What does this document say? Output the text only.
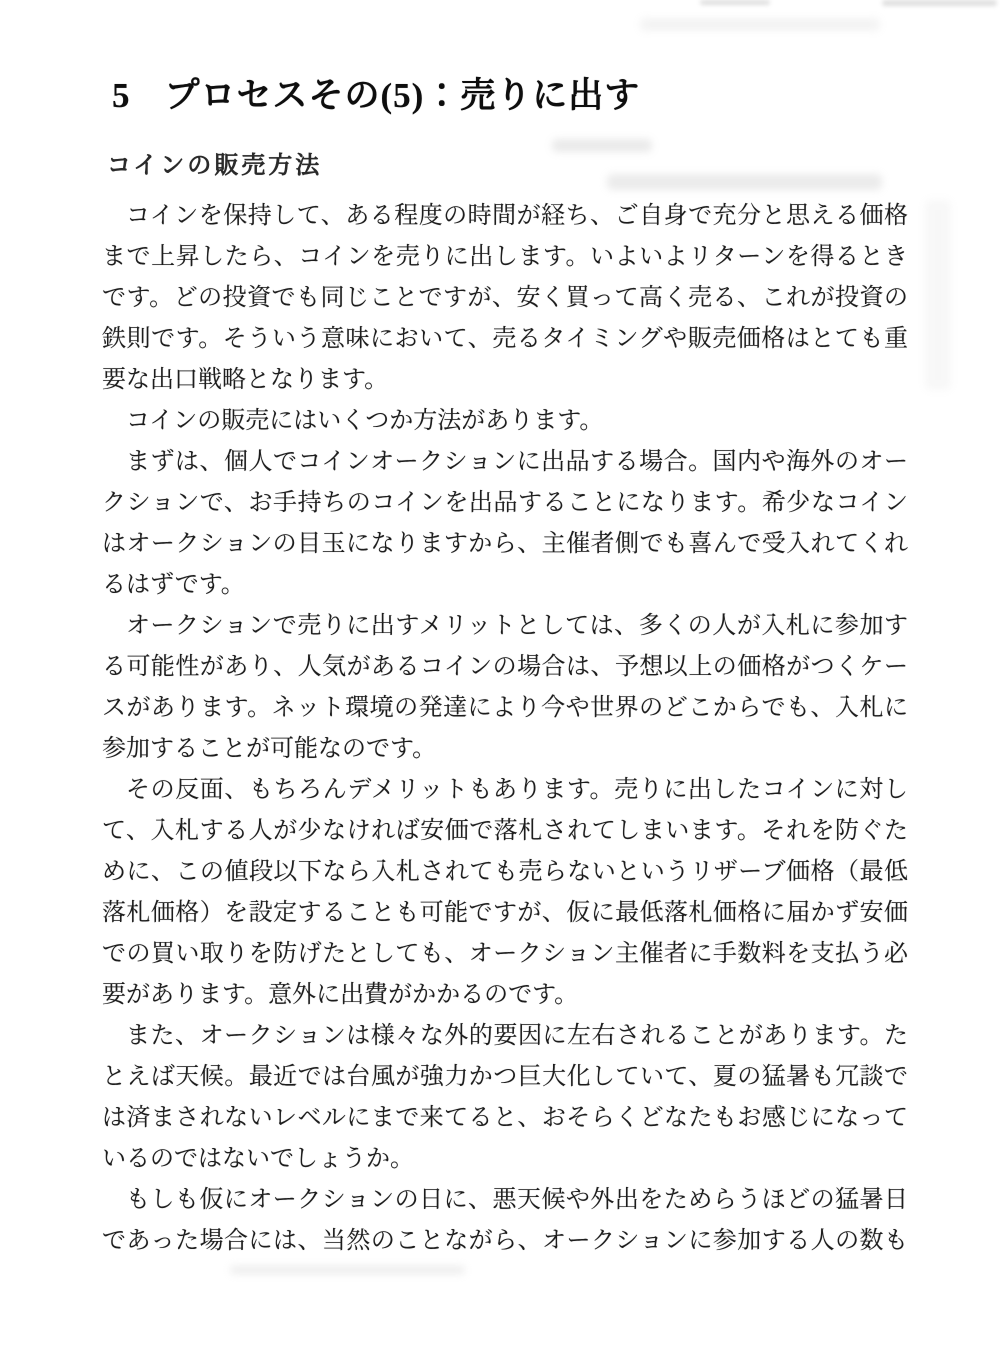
5 プロセスその(5)：売りに出す
コインの販売方法
コインを保持して、ある程度の時間が経ち、ご自身で充分と思える価格
まで上昇したら、コインを売りに出します。いよいよリターンを得るとき
です。どの投資でも同じことですが、安く買って高く売る、これが投資の
鉄則です。そういう意味において、売るタイミングや販売価格はとても重
要な出口戦略となります。
コインの販売にはいくつか方法があります。
まずは、個人でコインオークションに出品する場合。国内や海外のオー
クションで、お手持ちのコインを出品することになります。希少なコイン
はオークションの目玉になりますから、主催者側でも喜んで受入れてくれ
るはずです。
オークションで売りに出すメリットとしては、多くの人が入札に参加す
る可能性があり、人気があるコインの場合は、予想以上の価格がつくケー
スがあります。ネット環境の発達により今や世界のどこからでも、入札に
参加することが可能なのです。
その反面、もちろんデメリットもあります。売りに出したコインに対し
て、入札する人が少なければ安価で落札されてしまいます。それを防ぐた
めに、この値段以下なら入札されても売らないというリザーブ価格（最低
落札価格）を設定することも可能ですが、仮に最低落札価格に届かず安価
での買い取りを防げたとしても、オークション主催者に手数料を支払う必
要があります。意外に出費がかかるのです。
また、オークションは様々な外的要因に左右されることがあります。た
とえば天候。最近では台風が強力かつ巨大化していて、夏の猛暑も冗談で
は済まされないレベルにまで来てると、おそらくどなたもお感じになって
いるのではないでしょうか。
もしも仮にオークションの日に、悪天候や外出をためらうほどの猛暑日
であった場合には、当然のことながら、オークションに参加する人の数も
